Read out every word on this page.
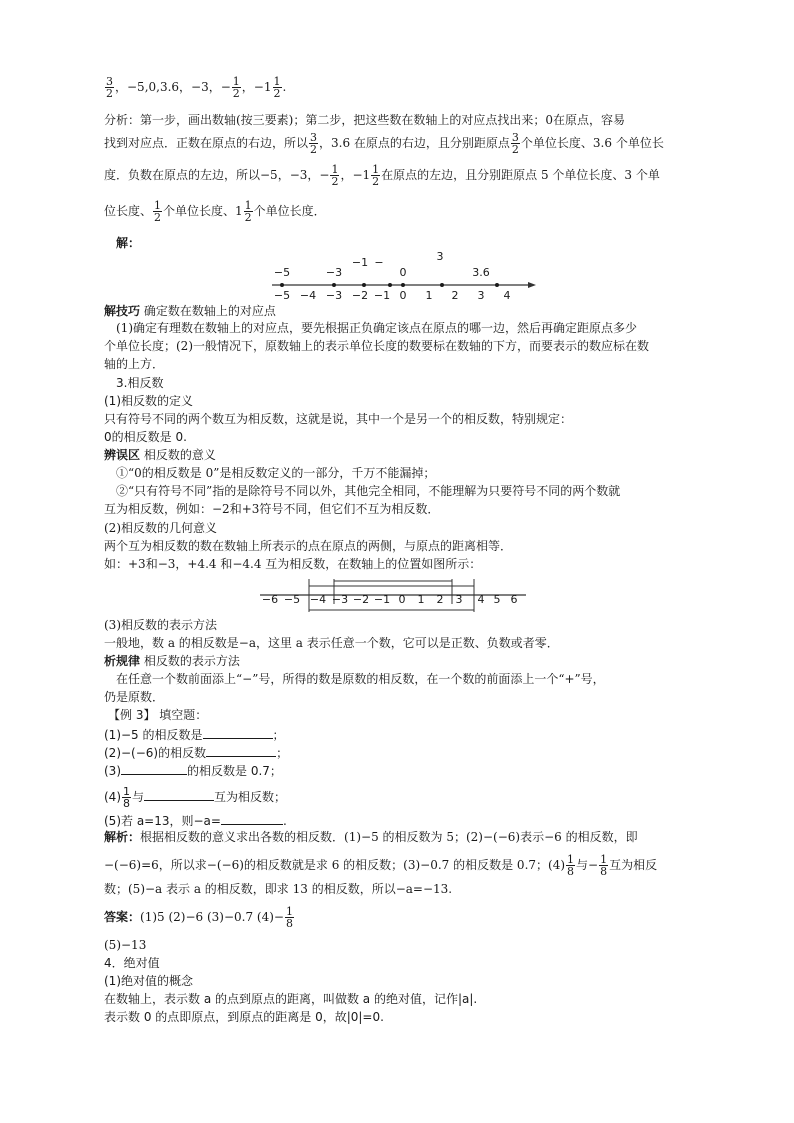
$\frac{3}{2}$ ，−5,0,3.6，−3，− $\frac{1}{2}$ ，$-1 \frac{1}{2}$ .
分析：第一步，画出数轴(按三要素)；第二步，把这些数在数轴上的对应点找出来；0在原点，容易
找到对应点．正数在原点的右边，所以 $\frac{3}{2}$ ，3.6 在原点的右边，且分别距原点 $\frac{3}{2}$ 个单位长度、3.6 个单位长
度．负数在原点的左边，所以−5，−3，− $\frac{1}{2}$ ，$-1 \frac{1}{2}$ 在原点的左边，且分别距原点 5 个单位长度、3 个单
位长度、 $\frac{1}{2}$ 个单位长度、$1 \frac{1}{2}$ 个单位长度．
解：
−5	−3
−1 −
0
3
3.6
−5 −4 −3 −2 −1 0 1 2 3 4
解技巧 确定数在数轴上的对应点
(1)确定有理数在数轴上的对应点，要先根据正负确定该点在原点的哪一边，然后再确定距原点多少
个单位长度；(2)一般情况下，原数轴上的表示单位长度的数要标在数轴的下方，而要表示的数应标在数
轴的上方．
3.相反数
(1)相反数的定义
只有符号不同的两个数互为相反数，这就是说，其中一个是另一个的相反数，特别规定：
0的相反数是 0.
辨误区 相反数的意义
①“0的相反数是 0”是相反数定义的一部分，千万不能漏掉；
②“只有符号不同”指的是除符号不同以外，其他完全相同，不能理解为只要符号不同的两个数就
互为相反数，例如：−2和+3符号不同，但它们不互为相反数．
(2)相反数的几何意义
两个互为相反数的数在数轴上所表示的点在原点的两侧，与原点的距离相等．
如：+3和−3，+4.4 和−4.4 互为相反数，在数轴上的位置如图所示：
−6 −5 −4 −3 −2 −1 0 1 2 3 4 5 6
(3)相反数的表示方法
一般地，数 a 的相反数是−a，这里 a 表示任意一个数，它可以是正数、负数或者零．
析规律 相反数的表示方法
在任意一个数前面添上“−”号，所得的数是原数的相反数，在一个数的前面添上一个“+”号，
仍是原数．
【例 3】 填空题：
(1)−5 的相反数是	；
(2)−(−6)的相反数	；
(3)	的相反数是 0.7；
$(4) \frac{1}{8}$ 与	互为相反数；
(5)若 a=13，则−a=	.
解析：根据相反数的意义求出各数的相反数．(1)−5 的相反数为 5；(2)−(−6)表示−6 的相反数，即
−(−6)=6，所以求−(−6)的相反数就是求 6 的相反数；(3)−0.7 的相反数是 0.7；$(4) \frac{1}{8}$ 与− $\frac{1}{8}$ 互为相反
数；(5)−a 表示 a 的相反数，即求 13 的相反数，所以−a=−13.
答案：(1)5 (2)−6 (3)−0.7 $(4)- \frac{1}{8}$
(5)−13
4．绝对值
(1)绝对值的概念
在数轴上，表示数 a 的点到原点的距离，叫做数 a 的绝对值，记作|a|.
表示数 0 的点即原点，到原点的距离是 0，故|0|=0.
